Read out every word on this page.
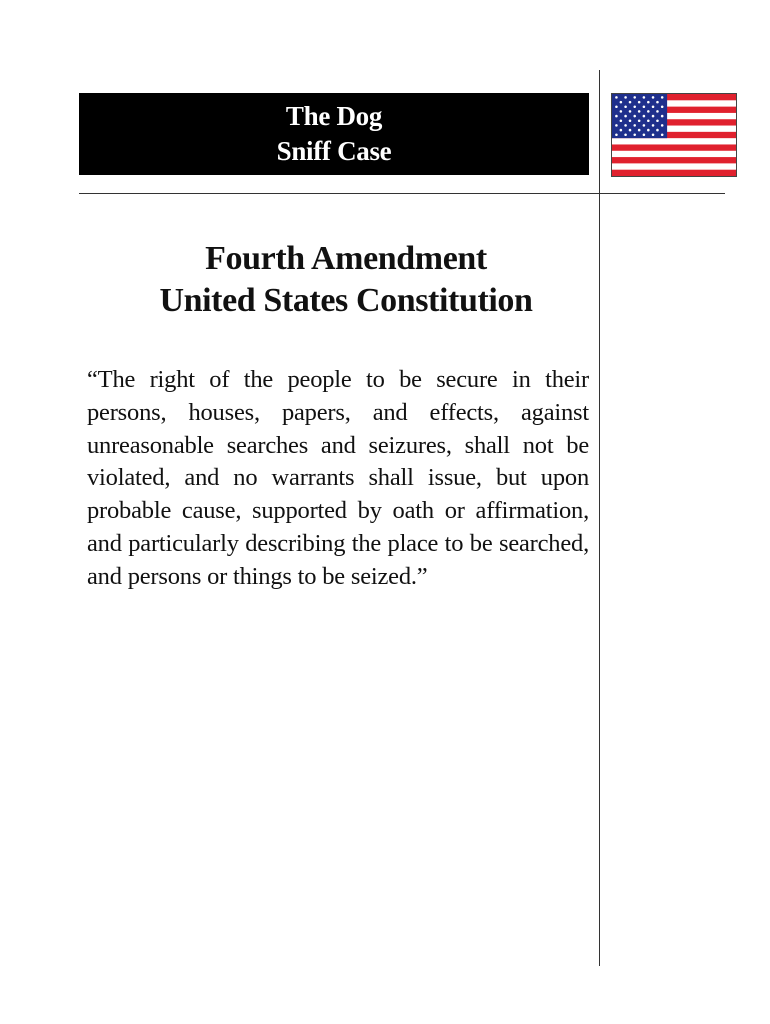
The Dog
Sniff Case
Fourth Amendment
United States Constitution

“The right of the people to be secure in their persons, houses, papers, and effects, against unreasonable searches and seizures, shall not be violated, and no warrants shall issue, but upon probable cause, supported by oath or affirmation, and particularly describing the place to be searched, and persons or things to be seized.”
